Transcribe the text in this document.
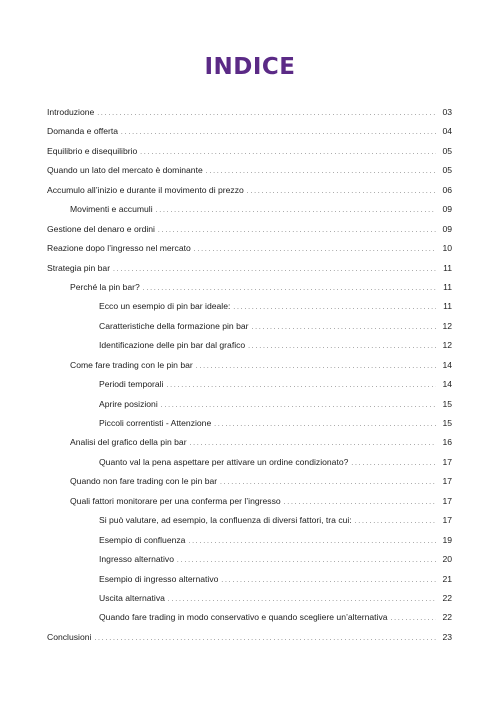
INDICE
Introduzione . . .	03
Domanda e offerta . . .	04
Equilibrio e disequilibrio . . .	05
Quando un lato del mercato è dominante . . .	05
Accumulo all’inizio e durante il movimento di prezzo . . .	06
Movimenti e accumuli . . .	09
Gestione del denaro e ordini . . .	09
Reazione dopo l’ingresso nel mercato . . .	10
Strategia pin bar . . .	11
Perché la pin bar? . . .	11
Ecco un esempio di pin bar ideale: . . .	11
Caratteristiche della formazione pin bar . . .	12
Identificazione delle pin bar dal grafico . . .	12
Come fare trading con le pin bar . . .	14
Periodi temporali . . .	14
Aprire posizioni . . .	15
Piccoli correntisti - Attenzione . . .	15
Analisi del grafico della pin bar . . .	16
Quanto val la pena aspettare per attivare un ordine condizionato? . . .	17
Quando non fare trading con le pin bar . . .	17
Quali fattori monitorare per una conferma per l’ingresso . . .	17
Si può valutare, ad esempio, la confluenza di diversi fattori, tra cui: . . .	17
Esempio di confluenza . . .	19
Ingresso alternativo . . .	20
Esempio di ingresso alternativo . . .	21
Uscita alternativa . . .	22
Quando fare trading in modo conservativo e quando scegliere un’alternativa . . .	22
Conclusioni . . .	23
